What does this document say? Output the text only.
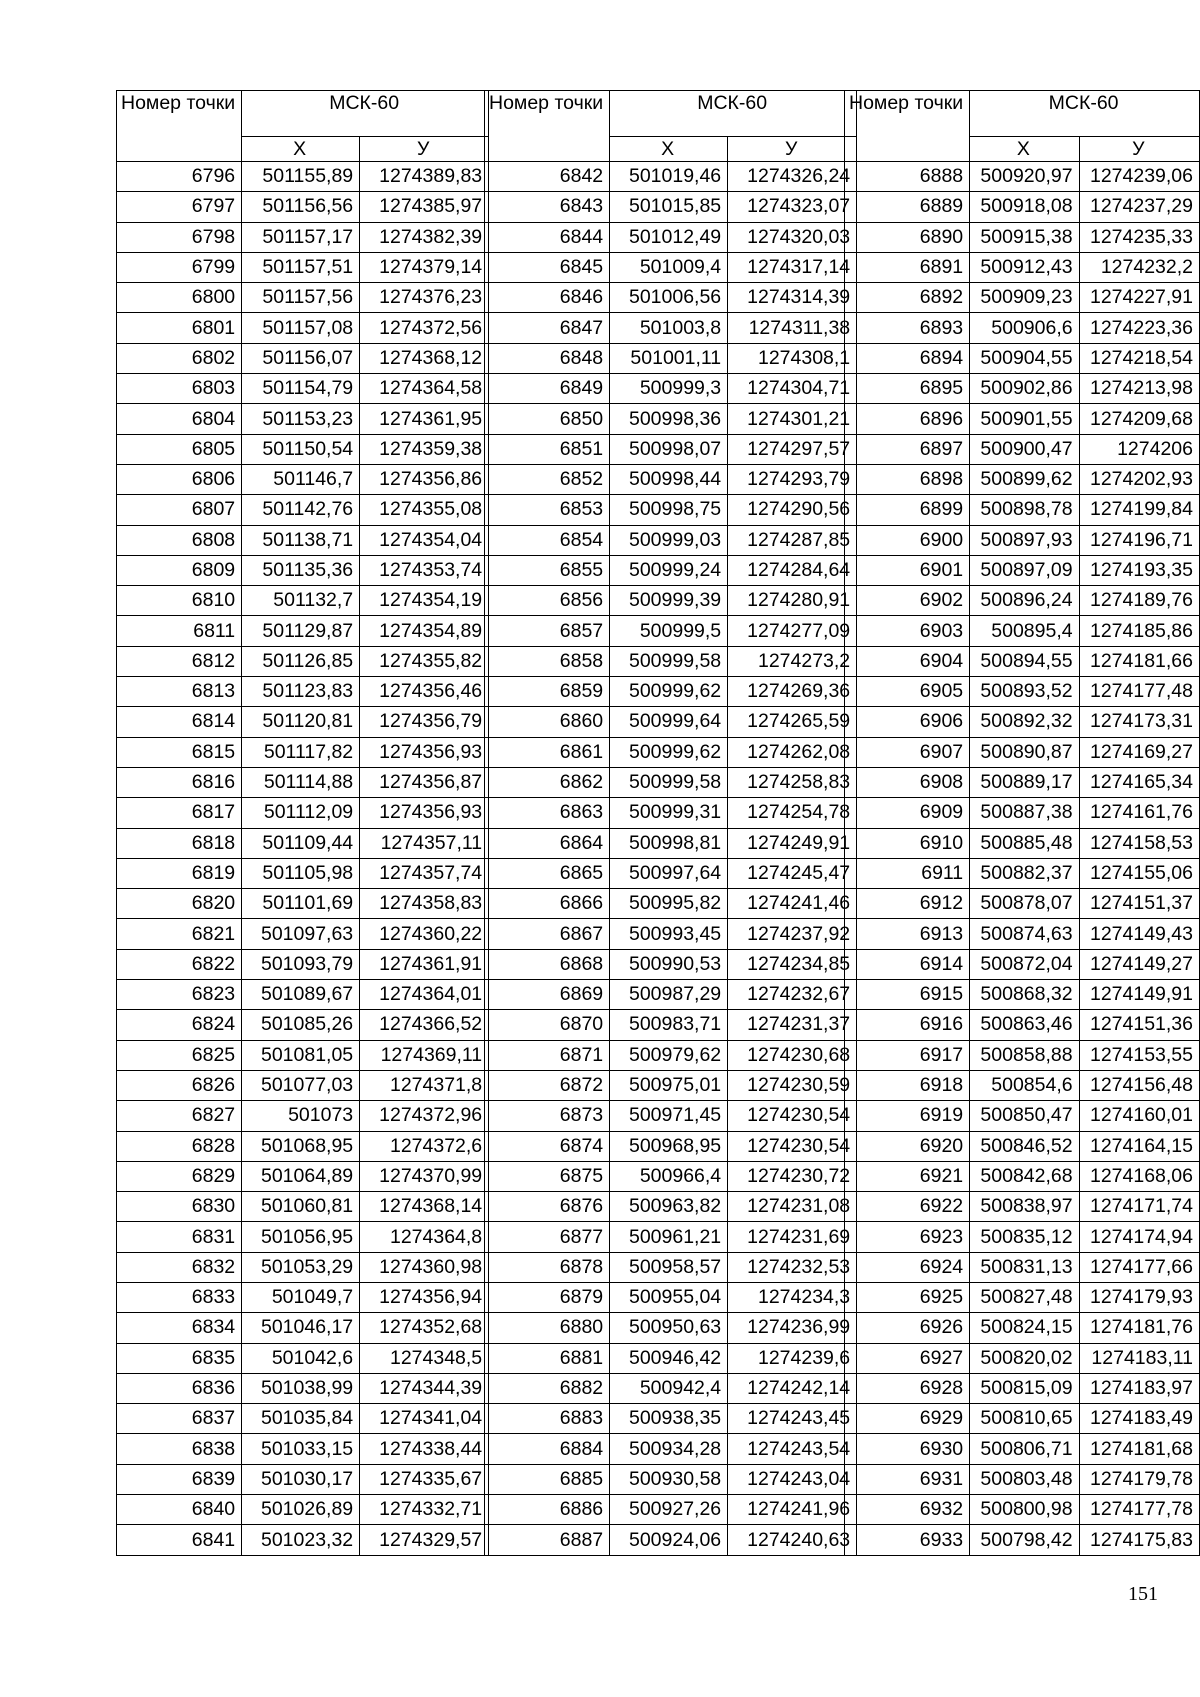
Номер точки	МСК-60	
	Х	У
6796	501155,89	1274389,83
6797	501156,56	1274385,97
6798	501157,17	1274382,39
6799	501157,51	1274379,14
6800	501157,56	1274376,23
6801	501157,08	1274372,56
6802	501156,07	1274368,12
6803	501154,79	1274364,58
6804	501153,23	1274361,95
6805	501150,54	1274359,38
6806	501146,7	1274356,86
6807	501142,76	1274355,08
6808	501138,71	1274354,04
6809	501135,36	1274353,74
6810	501132,7	1274354,19
6811	501129,87	1274354,89
6812	501126,85	1274355,82
6813	501123,83	1274356,46
6814	501120,81	1274356,79
6815	501117,82	1274356,93
6816	501114,88	1274356,87
6817	501112,09	1274356,93
6818	501109,44	1274357,11
6819	501105,98	1274357,74
6820	501101,69	1274358,83
6821	501097,63	1274360,22
6822	501093,79	1274361,91
6823	501089,67	1274364,01
6824	501085,26	1274366,52
6825	501081,05	1274369,11
6826	501077,03	1274371,8
6827	501073	1274372,96
6828	501068,95	1274372,6
6829	501064,89	1274370,99
6830	501060,81	1274368,14
6831	501056,95	1274364,8
6832	501053,29	1274360,98
6833	501049,7	1274356,94
6834	501046,17	1274352,68
6835	501042,6	1274348,5
6836	501038,99	1274344,39
6837	501035,84	1274341,04
6838	501033,15	1274338,44
6839	501030,17	1274335,67
6840	501026,89	1274332,71
6841	501023,32	1274329,57
Номер точки	МСК-60	
	Х	У
6842	501019,46	1274326,24
6843	501015,85	1274323,07
6844	501012,49	1274320,03
6845	501009,4	1274317,14
6846	501006,56	1274314,39
6847	501003,8	1274311,38
6848	501001,11	1274308,1
6849	500999,3	1274304,71
6850	500998,36	1274301,21
6851	500998,07	1274297,57
6852	500998,44	1274293,79
6853	500998,75	1274290,56
6854	500999,03	1274287,85
6855	500999,24	1274284,64
6856	500999,39	1274280,91
6857	500999,5	1274277,09
6858	500999,58	1274273,2
6859	500999,62	1274269,36
6860	500999,64	1274265,59
6861	500999,62	1274262,08
6862	500999,58	1274258,83
6863	500999,31	1274254,78
6864	500998,81	1274249,91
6865	500997,64	1274245,47
6866	500995,82	1274241,46
6867	500993,45	1274237,92
6868	500990,53	1274234,85
6869	500987,29	1274232,67
6870	500983,71	1274231,37
6871	500979,62	1274230,68
6872	500975,01	1274230,59
6873	500971,45	1274230,54
6874	500968,95	1274230,54
6875	500966,4	1274230,72
6876	500963,82	1274231,08
6877	500961,21	1274231,69
6878	500958,57	1274232,53
6879	500955,04	1274234,3
6880	500950,63	1274236,99
6881	500946,42	1274239,6
6882	500942,4	1274242,14
6883	500938,35	1274243,45
6884	500934,28	1274243,54
6885	500930,58	1274243,04
6886	500927,26	1274241,96
6887	500924,06	1274240,63
Номер точки	МСК-60	
	Х	У
6888	500920,97	1274239,06
6889	500918,08	1274237,29
6890	500915,38	1274235,33
6891	500912,43	1274232,2
6892	500909,23	1274227,91
6893	500906,6	1274223,36
6894	500904,55	1274218,54
6895	500902,86	1274213,98
6896	500901,55	1274209,68
6897	500900,47	1274206
6898	500899,62	1274202,93
6899	500898,78	1274199,84
6900	500897,93	1274196,71
6901	500897,09	1274193,35
6902	500896,24	1274189,76
6903	500895,4	1274185,86
6904	500894,55	1274181,66
6905	500893,52	1274177,48
6906	500892,32	1274173,31
6907	500890,87	1274169,27
6908	500889,17	1274165,34
6909	500887,38	1274161,76
6910	500885,48	1274158,53
6911	500882,37	1274155,06
6912	500878,07	1274151,37
6913	500874,63	1274149,43
6914	500872,04	1274149,27
6915	500868,32	1274149,91
6916	500863,46	1274151,36
6917	500858,88	1274153,55
6918	500854,6	1274156,48
6919	500850,47	1274160,01
6920	500846,52	1274164,15
6921	500842,68	1274168,06
6922	500838,97	1274171,74
6923	500835,12	1274174,94
6924	500831,13	1274177,66
6925	500827,48	1274179,93
6926	500824,15	1274181,76
6927	500820,02	1274183,11
6928	500815,09	1274183,97
6929	500810,65	1274183,49
6930	500806,71	1274181,68
6931	500803,48	1274179,78
6932	500800,98	1274177,78
6933	500798,42	1274175,83
151
